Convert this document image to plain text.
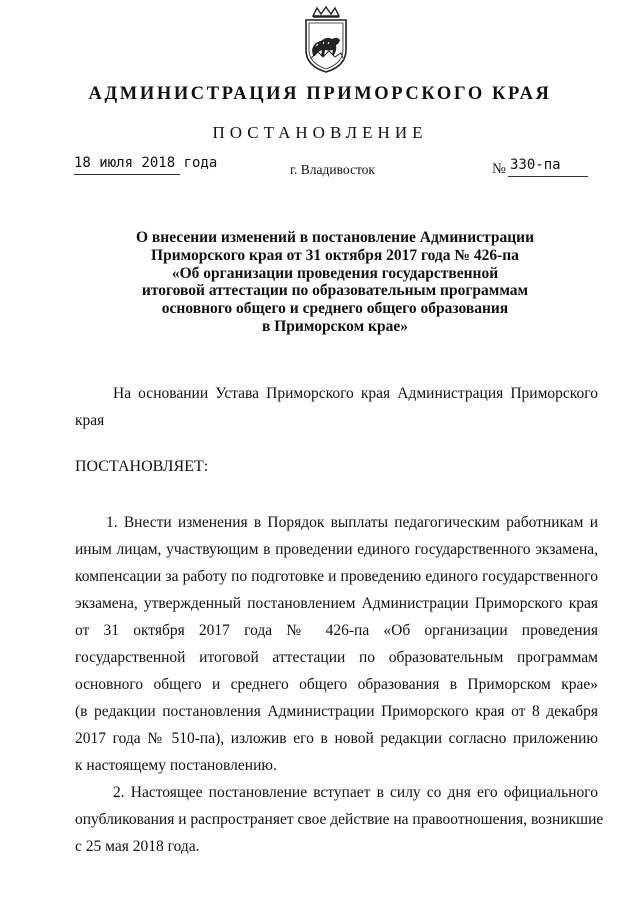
АДМИНИСТРАЦИЯ ПРИМОРСКОГО КРАЯ
ПОСТАНОВЛЕНИЕ
18 июля 2018 года	г. Владивосток	№ 330-па
О внесении изменений в постановление Администрации
Приморского края от 31 октября 2017 года № 426-па
«Об организации проведения государственной
итоговой аттестации по образовательным программам
основного общего и среднего общего образования
в Приморском крае»
На основании Устава Приморского края Администрация Приморского
края
ПОСТАНОВЛЯЕТ:
1. Внести изменения в Порядок выплаты педагогическим работникам и
иным лицам, участвующим в проведении единого государственного экзамена,
компенсации за работу по подготовке и проведению единого государственного
экзамена, утвержденный постановлением Администрации Приморского края
от 31 октября 2017 года № 426-па «Об организации проведения
государственной итоговой аттестации по образовательным программам
основного общего и среднего общего образования в Приморском крае»
(в редакции постановления Администрации Приморского края от 8 декабря
2017 года № 510-па), изложив его в новой редакции согласно приложению
к настоящему постановлению.
2. Настоящее постановление вступает в силу со дня его официального
опубликования и распространяет свое действие на правоотношения, возникшие
с 25 мая 2018 года.
